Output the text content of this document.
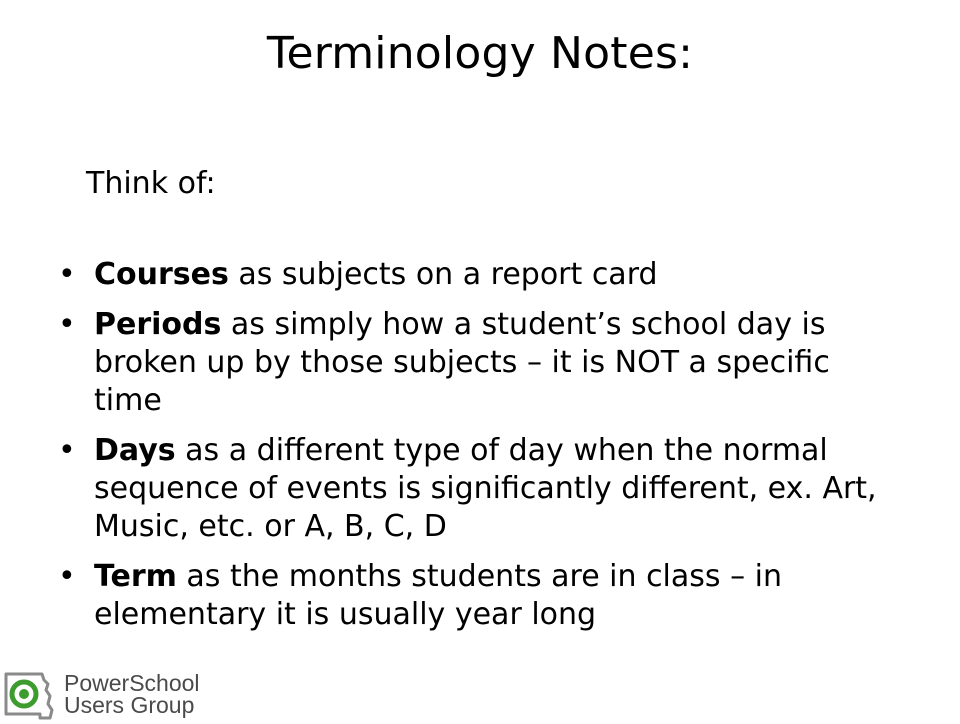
Terminology Notes:
Think of:
• Courses as subjects on a report card
• Periods as simply how a student’s school day is broken up by those subjects – it is NOT a specific time
• Days as a different type of day when the normal sequence of events is significantly different, ex. Art, Music, etc. or A, B, C, D
• Term as the months students are in class – in elementary it is usually year long
PowerSchool
Users Group
